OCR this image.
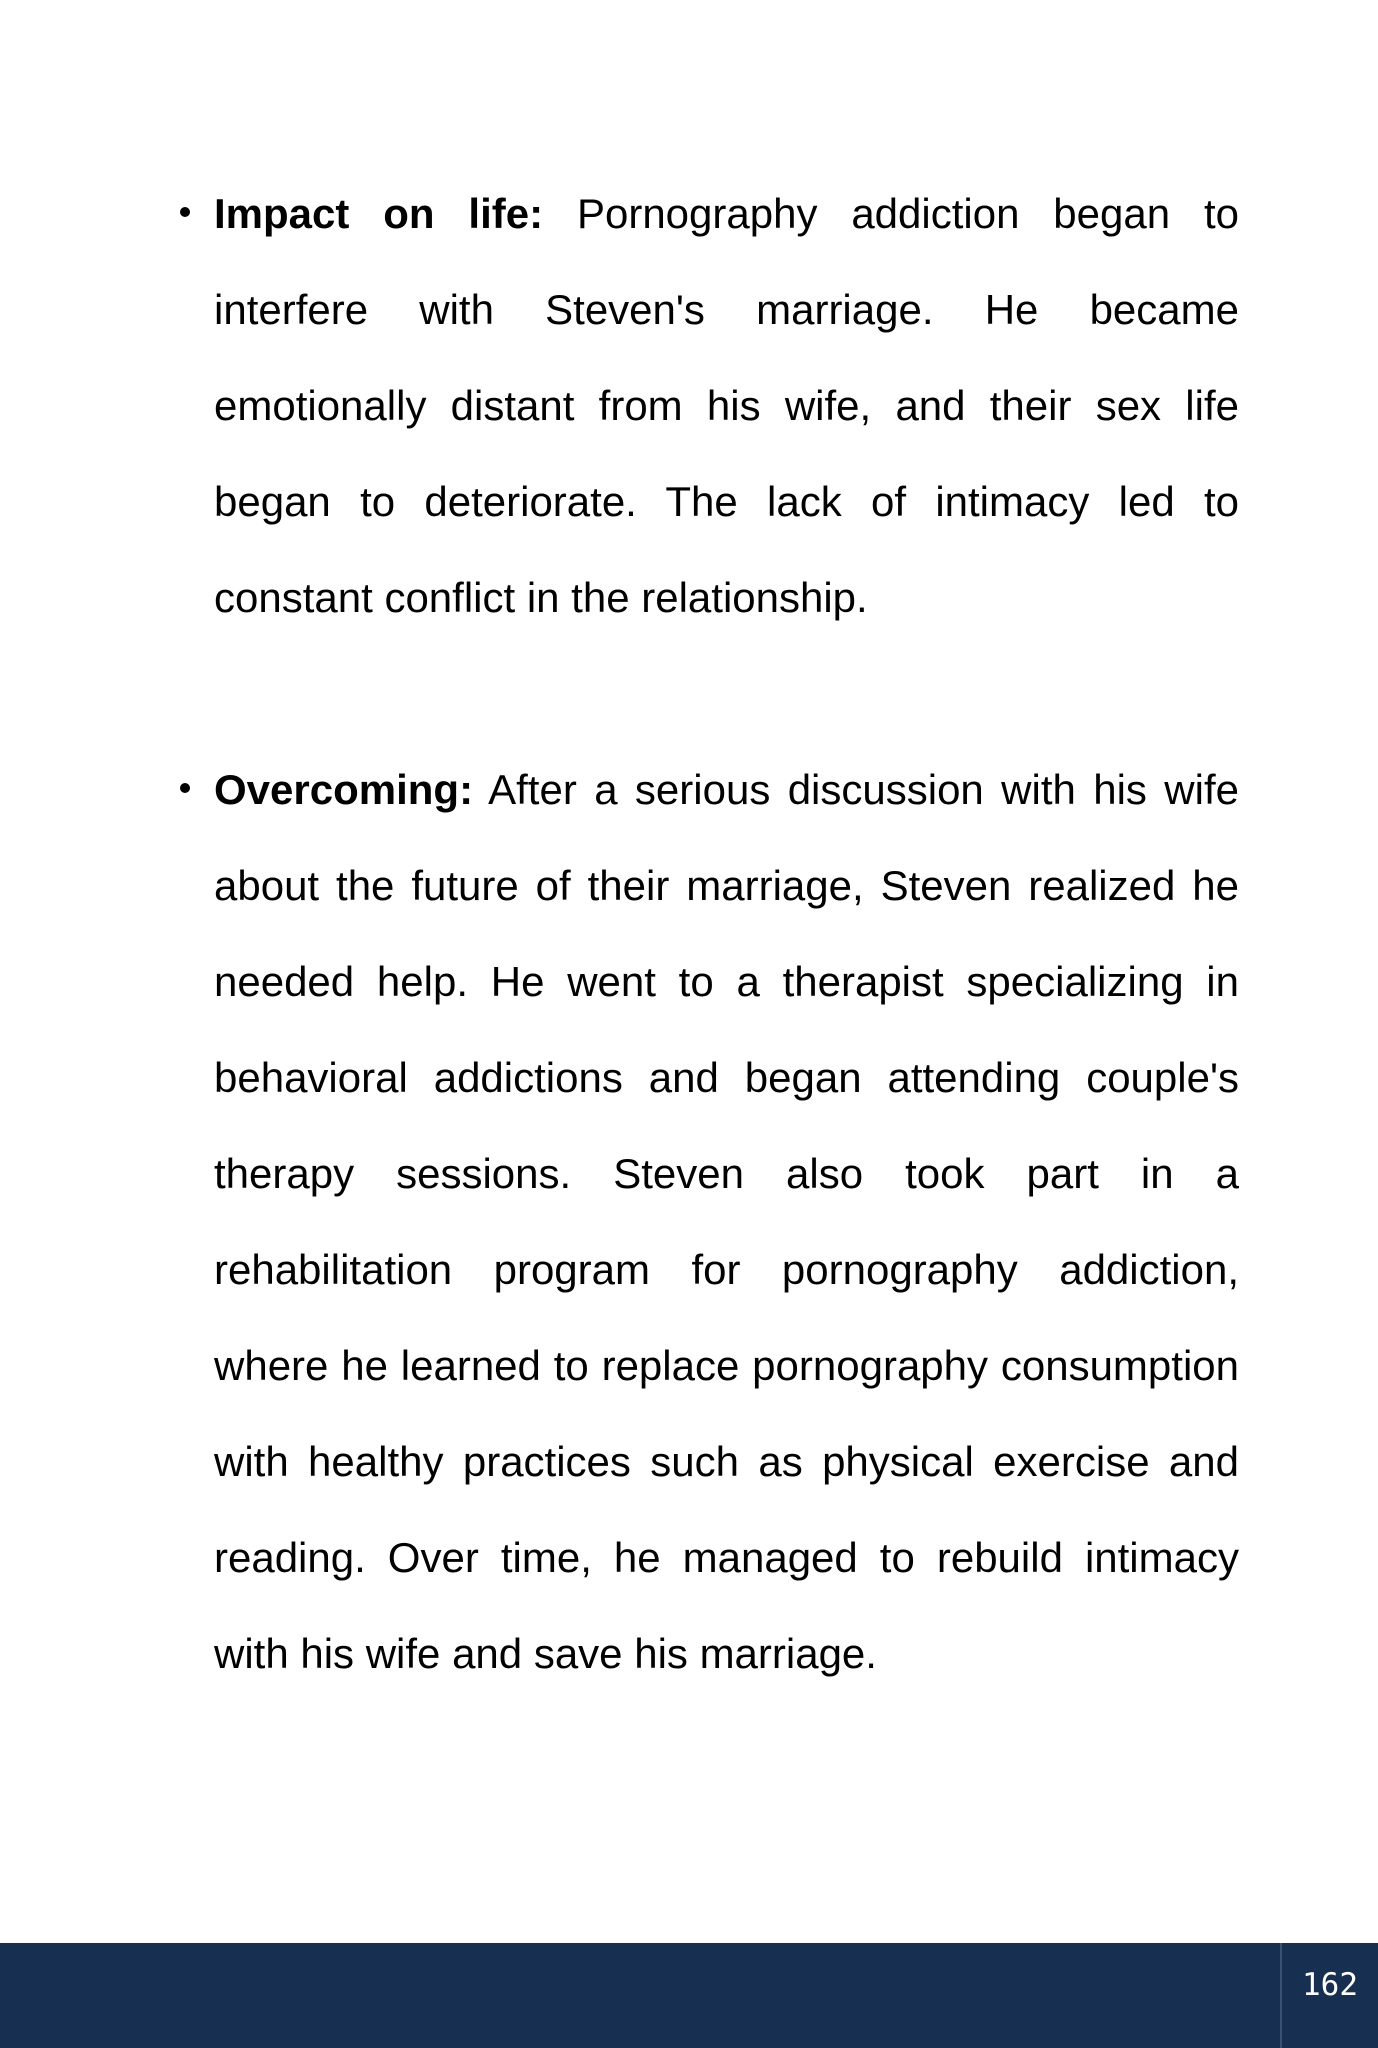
Impact on life: Pornography addiction began to interfere with Steven's marriage. He became emotionally distant from his wife, and their sex life began to deteriorate. The lack of intimacy led to constant conflict in the relationship.
Overcoming: After a serious discussion with his wife about the future of their marriage, Steven realized he needed help. He went to a therapist specializing in behavioral addictions and began attending couple's therapy sessions. Steven also took part in a rehabilitation program for pornography addiction, where he learned to replace pornography consumption with healthy practices such as physical exercise and reading. Over time, he managed to rebuild intimacy with his wife and save his marriage.
162
